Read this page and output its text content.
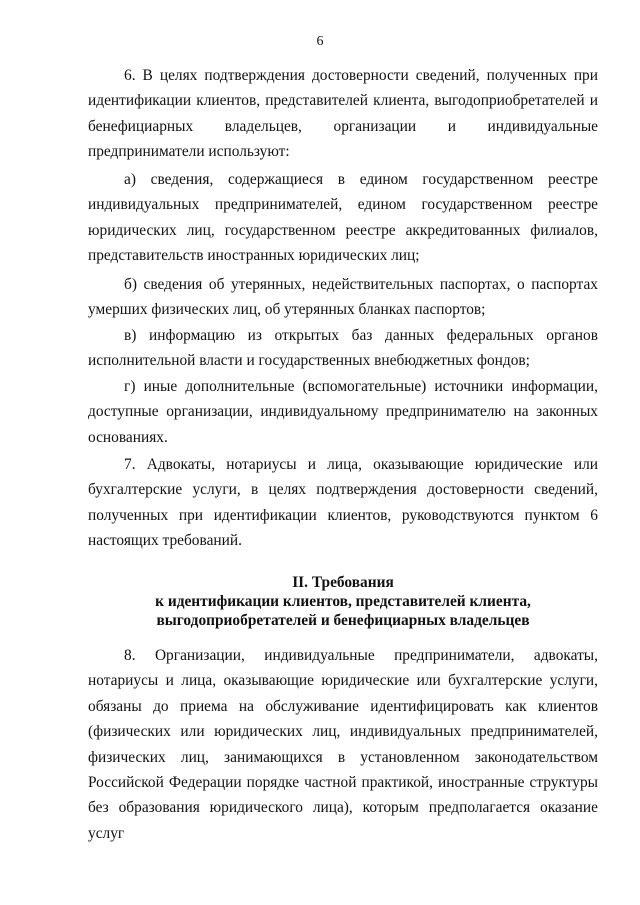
6

6. В целях подтверждения достоверности сведений, полученных при идентификации клиентов, представителей клиента, выгодоприобретателей и бенефициарных владельцев, организации и индивидуальные предприниматели используют:

а) сведения, содержащиеся в едином государственном реестре индивидуальных предпринимателей, едином государственном реестре юридических лиц, государственном реестре аккредитованных филиалов, представительств иностранных юридических лиц;

б) сведения об утерянных, недействительных паспортах, о паспортах умерших физических лиц, об утерянных бланках паспортов;

в) информацию из открытых баз данных федеральных органов исполнительной власти и государственных внебюджетных фондов;

г) иные дополнительные (вспомогательные) источники информации, доступные организации, индивидуальному предпринимателю на законных основаниях.

7. Адвокаты, нотариусы и лица, оказывающие юридические или бухгалтерские услуги, в целях подтверждения достоверности сведений, полученных при идентификации клиентов, руководствуются пунктом 6 настоящих требований.

II. Требования
к идентификации клиентов, представителей клиента,
выгодоприобретателей и бенефициарных владельцев

8. Организации, индивидуальные предприниматели, адвокаты, нотариусы и лица, оказывающие юридические или бухгалтерские услуги, обязаны до приема на обслуживание идентифицировать как клиентов (физических или юридических лиц, индивидуальных предпринимателей, физических лиц, занимающихся в установленном законодательством Российской Федерации порядке частной практикой, иностранные структуры без образования юридического лица), которым предполагается оказание услуг
